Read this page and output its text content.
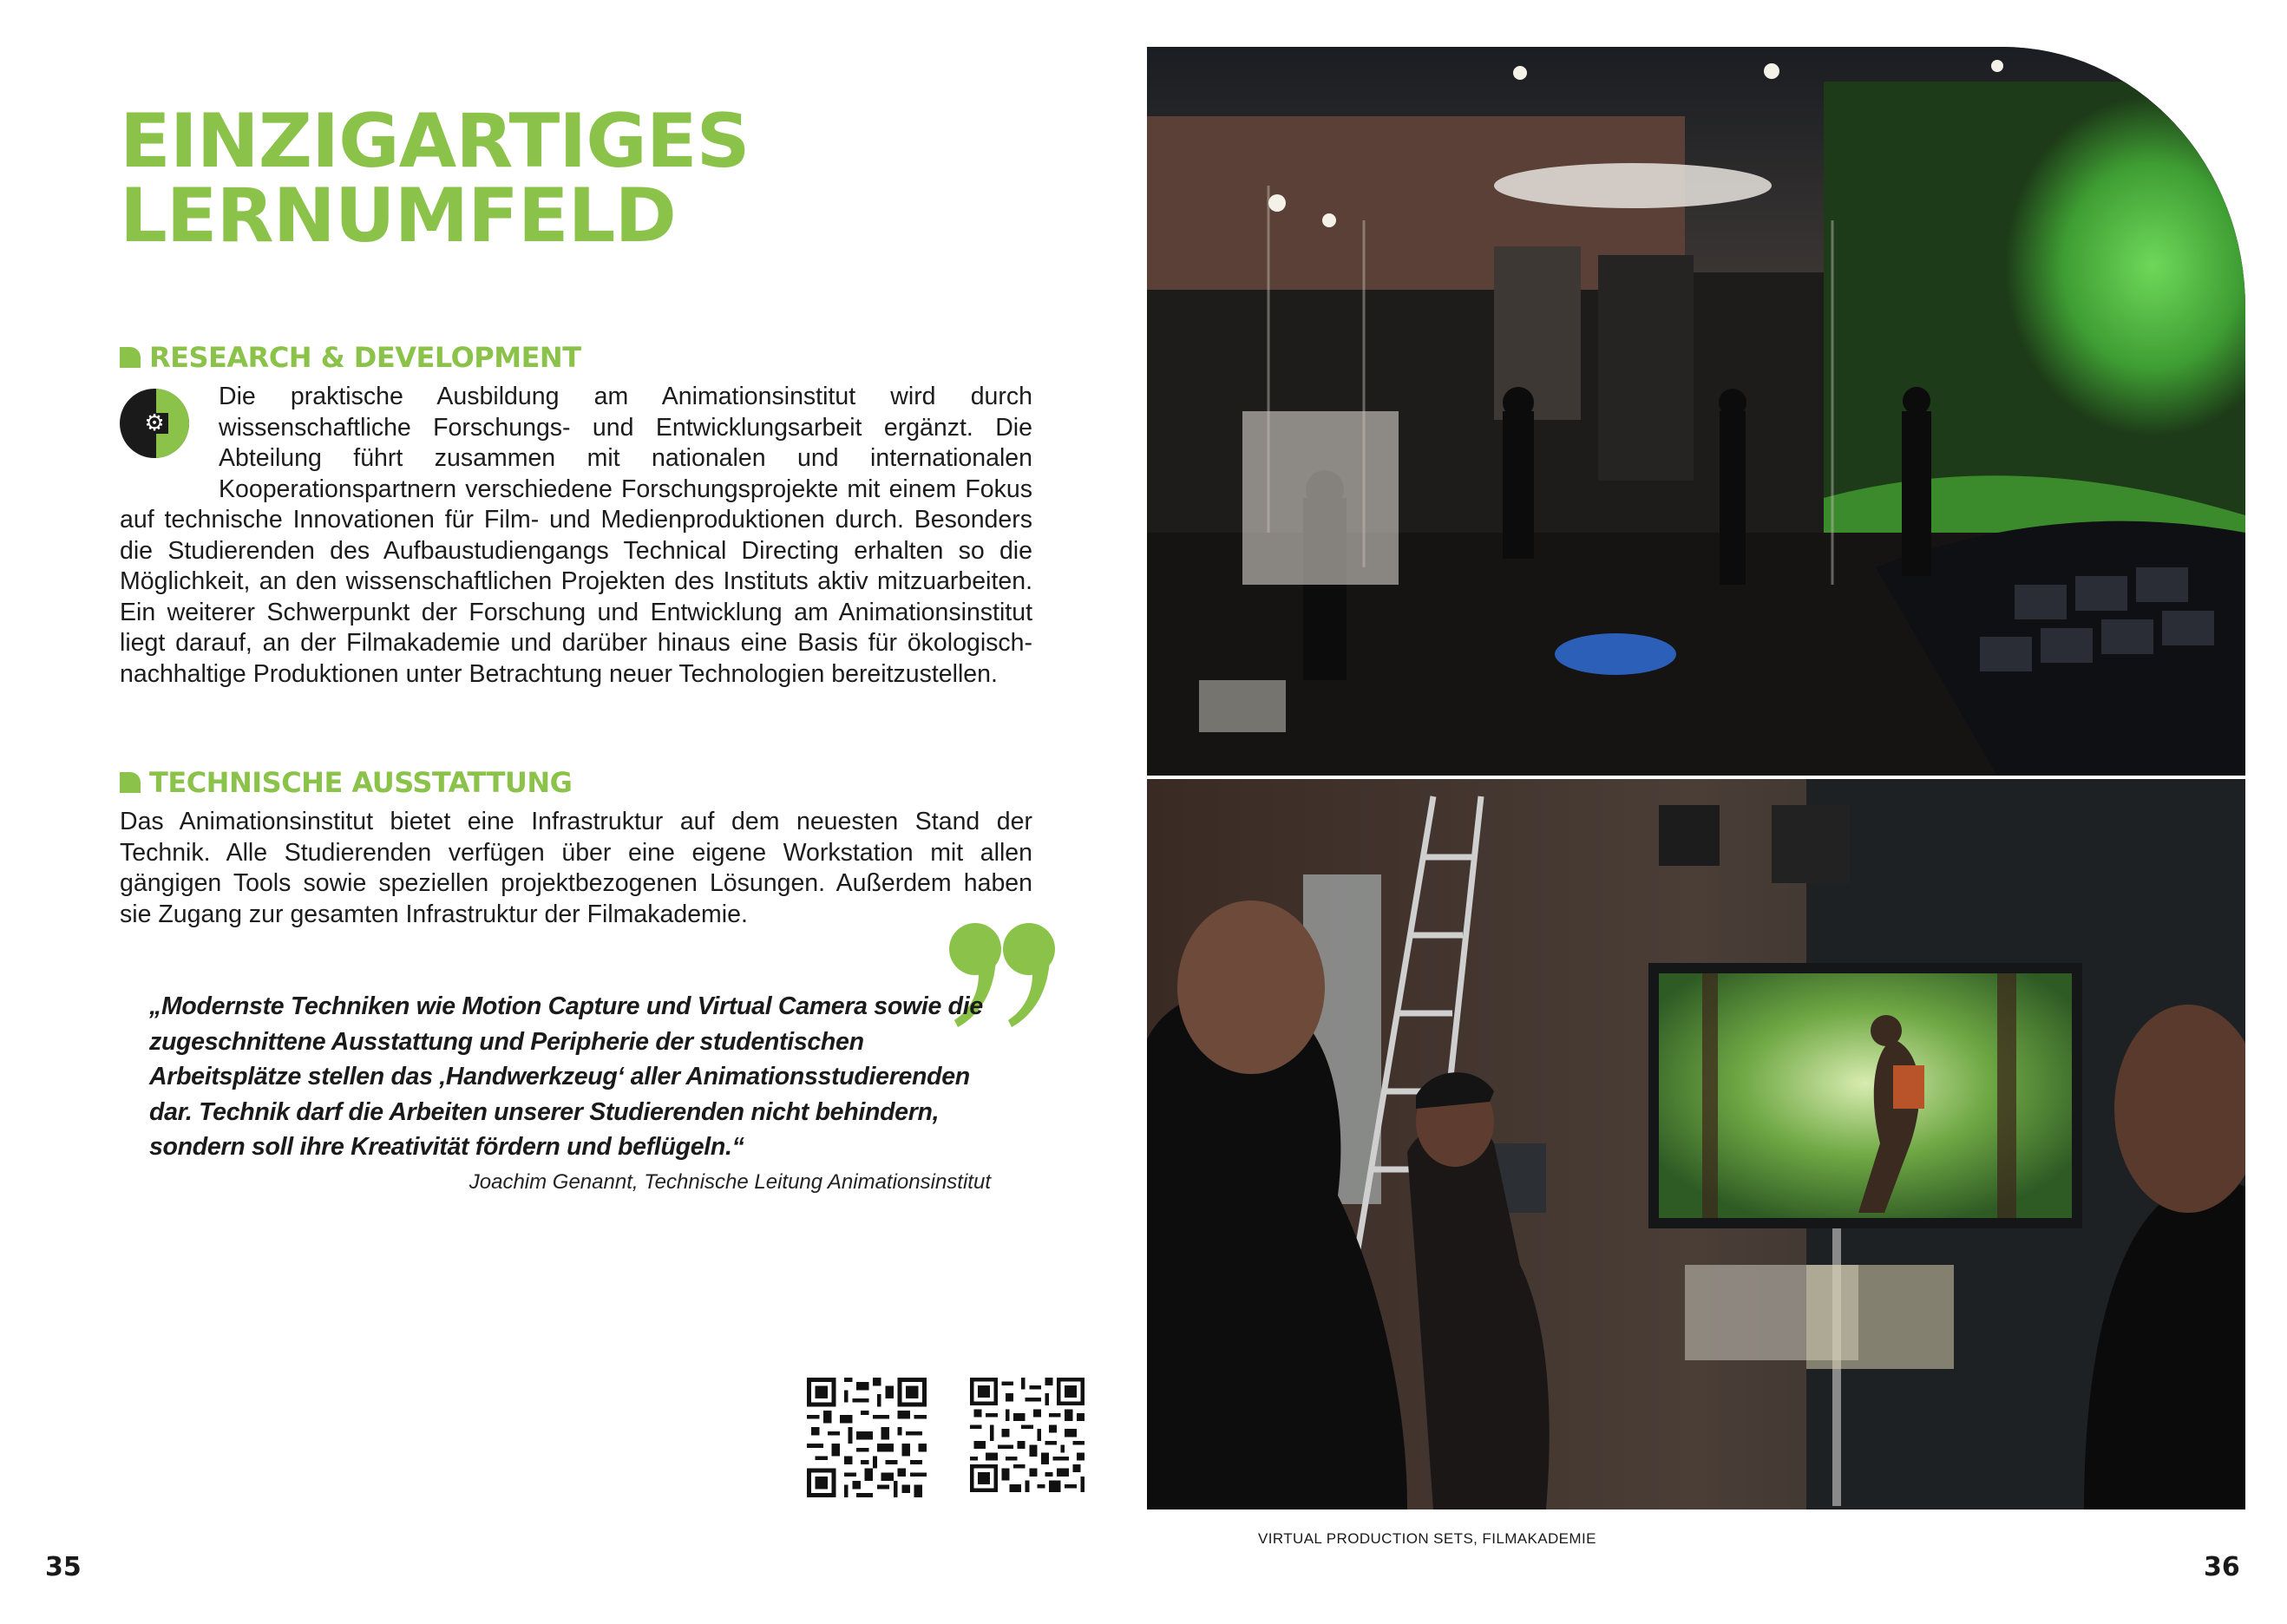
EINZIGARTIGES
LERNUMFELD
RESEARCH & DEVELOPMENT
⚙

Die praktische Ausbildung am Animationsinstitut wird durch wissenschaftliche Forschungs- und Entwicklungsarbeit ergänzt. Die Abteilung führt zusammen mit nationalen und internationalen Kooperationspartnern verschiedene Forschungsprojekte mit einem Fokus auf technische Innovationen für Film- und Medienproduktionen durch. Besonders die Studierenden des Aufbaustudiengangs Technical Directing erhalten so die Möglichkeit, an den wissenschaftlichen Projekten des Instituts aktiv mitzuarbeiten. Ein weiterer Schwerpunkt der Forschung und Entwicklung am Animationsinstitut liegt darauf, an der Filmakademie und darüber hinaus eine Basis für ökologisch-nachhaltige Produktionen unter Betrachtung neuer Technologien bereitzustellen.

TECHNISCHE AUSSTATTUNG

Das Animationsinstitut bietet eine Infrastruktur auf dem neuesten Stand der Technik. Alle Studierenden verfügen über eine eigene Workstation mit allen gängigen Tools sowie speziellen projektbezogenen Lösungen. Außerdem haben sie Zugang zur gesamten Infrastruktur der Filmakademie.

„Modernste Techniken wie Motion Capture und Virtual Camera sowie die zugeschnittene Ausstattung und Peripherie der studentischen Arbeitsplätze stellen das ‚Handwerkzeug‘ aller Animationsstudierenden dar. Technik darf die Arbeiten unserer Studierenden nicht behindern, sondern soll ihre Kreativität fördern und beflügeln.“

Joachim Genannt, Technische Leitung Animationsinstitut

35

VIRTUAL PRODUCTION SETS, FILMAKADEMIE

36
